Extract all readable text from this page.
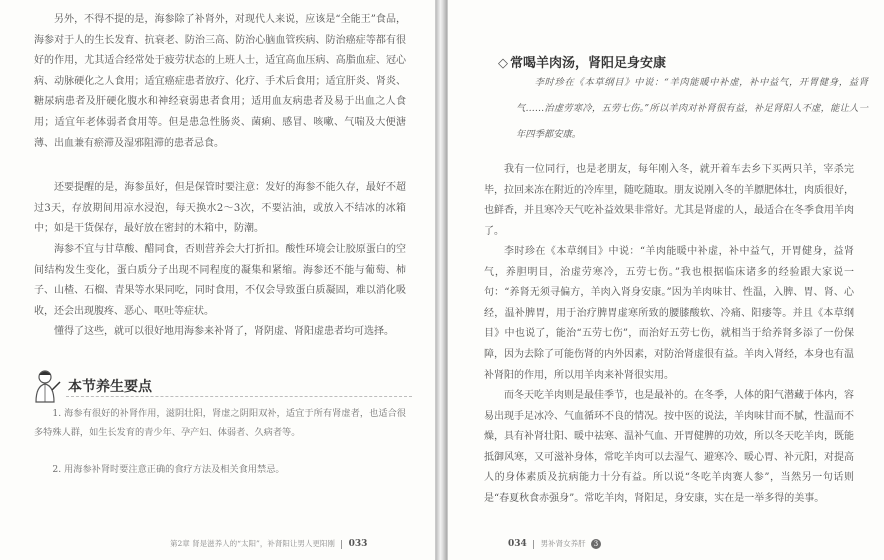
另外，不得不提的是，海参除了补肾外，对现代人来说，应该是“全能王”食品，海参对于人的生长发育、抗衰老、防治三高、防治心脑血管疾病、防治癌症等都有很好的作用，尤其适合经常处于疲劳状态的上班人士，适宜高血压病、高脂血症、冠心病、动脉硬化之人食用；适宜癌症患者放疗、化疗、手术后食用；适宜肝炎、肾炎、糖尿病患者及肝硬化腹水和神经衰弱患者食用；适用血友病患者及易于出血之人食用；适宜年老体弱者食用等。但是患急性肠炎、菌痢、感冒、咳嗽、气喘及大便溏薄、出血兼有瘀滞及湿邪阻滞的患者忌食。

还要提醒的是，海参虽好，但是保管时要注意：发好的海参不能久存，最好不超过3天，存放期间用凉水浸泡，每天换水2～3次，不要沾油，或放入不结冰的冰箱中；如是干货保存，最好放在密封的木箱中，防潮。

海参不宜与甘草酸、醋同食，否则营养会大打折扣。酸性环境会让胶原蛋白的空间结构发生变化，蛋白质分子出现不同程度的凝集和紧缩。海参还不能与葡萄、柿子、山楂、石榴、青果等水果同吃，同时食用，不仅会导致蛋白质凝固，难以消化吸收，还会出现腹疼、恶心、呕吐等症状。

懂得了这些，就可以很好地用海参来补肾了，肾阴虚、肾阳虚患者均可选择。

本节养生要点

1. 海参有很好的补肾作用，滋阴壮阳，肾虚之阴阳双补，适宜于所有肾虚者，也适合很多特殊人群，如生长发育的青少年、孕产妇、体弱者、久病者等。

2. 用海参补肾时要注意正确的食疗方法及相关食用禁忌。

第2章 肾是滋养人的“太阳”，补肾阳让男人更阳刚 033
◇ 常喝羊肉汤，肾阳足身安康

李时珍在《本草纲目》中说：“羊肉能暖中补虚，补中益气，开胃健身，益肾气……治虚劳寒冷，五劳七伤。”所以羊肉对补肾很有益，补足肾阳人不虚，能让人一年四季都安康。

我有一位同行，也是老朋友，每年刚入冬，就开着车去乡下买两只羊，宰杀完毕，拉回来冻在附近的冷库里，随吃随取。朋友说刚入冬的羊膘肥体壮，肉质很好，也鲜香，并且寒冷天气吃补益效果非常好。尤其是肾虚的人，最适合在冬季食用羊肉了。

李时珍在《本草纲目》中说：“羊肉能暖中补虚，补中益气，开胃健身，益肾气，养胆明目，治虚劳寒冷，五劳七伤。”我也根据临床诸多的经验跟大家说一句：“养肾无须寻偏方，羊肉入肾身安康。”因为羊肉味甘、性温，入脾、胃、肾、心经，温补脾胃，用于治疗脾胃虚寒所致的腰膝酸软、冷痛、阳痿等。并且《本草纲目》中也说了，能治“五劳七伤”，而治好五劳七伤，就相当于给养肾多添了一份保障，因为去除了可能伤肾的内外因素，对防治肾虚很有益。羊肉入肾经，本身也有温补肾阳的作用，所以用羊肉来补肾很实用。

而冬天吃羊肉则是最佳季节，也是最补的。在冬季，人体的阳气潜藏于体内，容易出现手足冰冷、气血循环不良的情况。按中医的说法，羊肉味甘而不腻，性温而不燥，具有补肾壮阳、暖中祛寒、温补气血、开胃健脾的功效，所以冬天吃羊肉，既能抵御风寒，又可滋补身体，常吃羊肉可以去湿气、避寒冷、暖心胃、补元阳，对提高人的身体素质及抗病能力十分有益。所以说“冬吃羊肉赛人参”，当然另一句话则是“春夏秋食赤强身”。常吃羊肉，肾阳足，身安康，实在是一举多得的美事。

034 男补肾女养肝 3
